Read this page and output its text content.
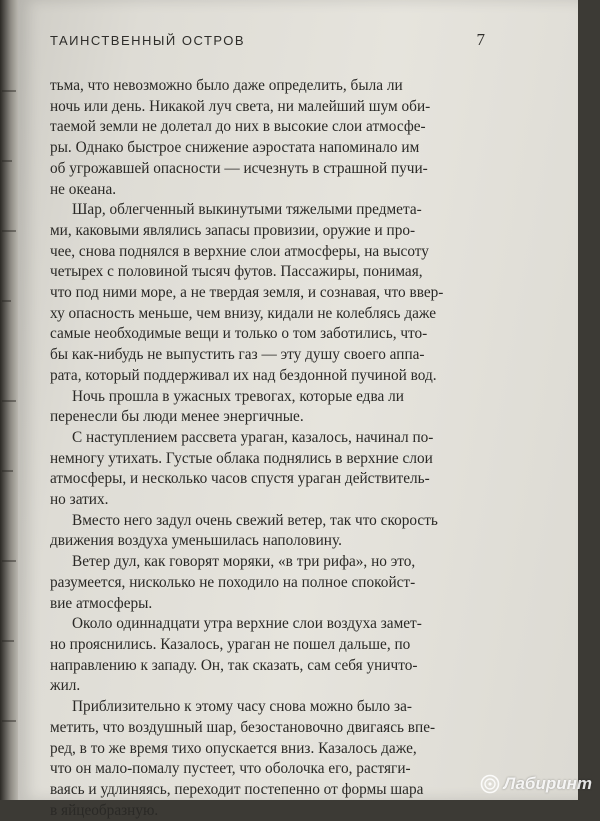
ТАИНСТВЕННЫЙ ОСТРОВ	7
тьма, что невозможно было даже определить, была ли
ночь или день. Никакой луч света, ни малейший шум оби-
таемой земли не долетал до них в высокие слои атмосфе-
ры. Однако быстрое снижение аэростата напоминало им
об угрожавшей опасности — исчезнуть в страшной пучи-
не океана.
Шар, облегченный выкинутыми тяжелыми предмета-
ми, каковыми являлись запасы провизии, оружие и про-
чее, снова поднялся в верхние слои атмосферы, на высоту
четырех с половиной тысяч футов. Пассажиры, понимая,
что под ними море, а не твердая земля, и сознавая, что ввер-
ху опасность меньше, чем внизу, кидали не колеблясь даже
самые необходимые вещи и только о том заботились, что-
бы как-нибудь не выпустить газ — эту душу своего аппа-
рата, который поддерживал их над бездонной пучиной вод.
Ночь прошла в ужасных тревогах, которые едва ли
перенесли бы люди менее энергичные.
С наступлением рассвета ураган, казалось, начинал по-
немногу утихать. Густые облака поднялись в верхние слои
атмосферы, и несколько часов спустя ураган действитель-
но затих.
Вместо него задул очень свежий ветер, так что скорость
движения воздуха уменьшилась наполовину.
Ветер дул, как говорят моряки, «в три рифа», но это,
разумеется, нисколько не походило на полное спокойст-
вие атмосферы.
Около одиннадцати утра верхние слои воздуха замет-
но прояснились. Казалось, ураган не пошел дальше, по
направлению к западу. Он, так сказать, сам себя уничто-
жил.
Приблизительно к этому часу снова можно было за-
метить, что воздушный шар, безостановочно двигаясь впе-
ред, в то же время тихо опускается вниз. Казалось даже,
что он мало-помалу пустеет, что оболочка его, растяги-
ваясь и удлиняясь, переходит постепенно от формы шара
в яйцеобразную.
Лабиринт
